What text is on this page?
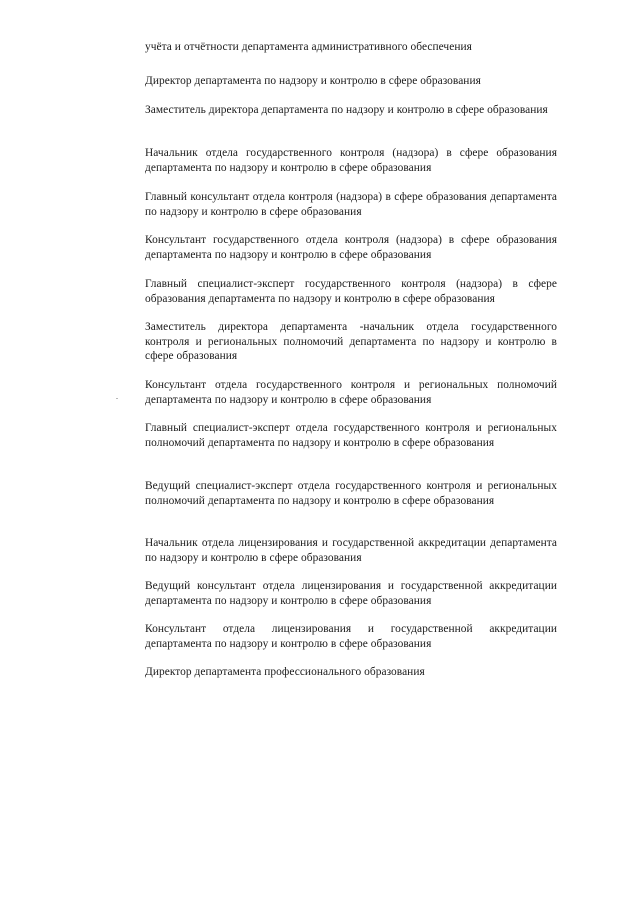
учёта и отчётности департамента административного обеспечения

Директор департамента по надзору и контролю в сфере образования

Заместитель директора департамента по надзору и контролю в сфере образования

Начальник отдела государственного контроля (надзора) в сфере образования департамента по надзору и контролю в сфере образования

Главный консультант отдела контроля (надзора) в сфере образования департамента по надзору и контролю в сфере образования

Консультант государственного отдела контроля (надзора) в сфере образования департамента по надзору и контролю в сфере образования

Главный специалист-эксперт государственного контроля (надзора) в сфере образования департамента по надзору и контролю в сфере образования

Заместитель директора департамента -начальник отдела государственного контроля и региональных полномочий департамента по надзору и контролю в сфере образования

Консультант отдела государственного контроля и региональных полномочий департамента по надзору и контролю в сфере образования

Главный специалист-эксперт отдела государственного контроля и региональных полномочий департамента по надзору и контролю в сфере образования

Ведущий специалист-эксперт отдела государственного контроля и региональных полномочий департамента по надзору и контролю в сфере образования

Начальник отдела лицензирования и государственной аккредитации департамента по надзору и контролю в сфере образования

Ведущий консультант отдела лицензирования и государственной аккредитации департамента по надзору и контролю в сфере образования

Консультант отдела лицензирования и государственной аккредитации департамента по надзору и контролю в сфере образования

Директор департамента профессионального образования
